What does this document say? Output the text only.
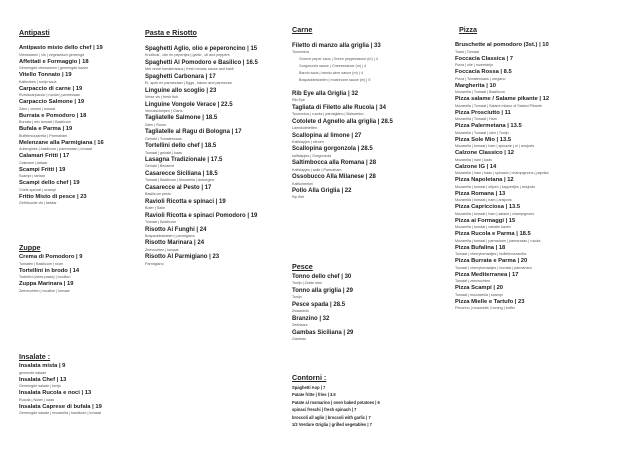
Antipasti
Antipasto misto dello chef | 19
Vleeswaren | vis | vegetarisch gemengd
Affettati e Formaggio | 18
Gemengde vleeswaren | gemengde kazen
Vitello Tonnato | 19
Kalfsvlees | tonijn saus
Carpaccio di carne | 19
Rundscarpaccio | rucola | parmezaan
Carpaccio Salmone | 19
Zalm | venkel | tomaat
Burrata e Pomodoro | 18
Burrata | mix tomaat | Basilicum
Bufala e Parma | 19
Buffelmozzarella | Parmaham
Melenzane alla Parmigiana | 16
Aubergines | basilicum | parmezaan | tomaat
Calamari Fritti | 17
Calamari | tartaar
Scampi Fritti | 19
Scampi | tartaar
Scampi dello chef | 19
Chefs special | scampi
Fritto Misto di pesce | 23
Gefrituurde vis | tartaar
Zuppe
Crema di Pomodoro | 9
Tomaten | Basilicum | room
Tortellini in brodo | 14
Tortellini (vlees pasta) | bouillon
Zuppa Marinara | 19
Zeevruchten | bouillon | tomaat
Insalate :
Insalata mista | 9
gemende salade
Insalata Chef | 13
Gemengde salade | tonijn
Insalata Rucola e noci | 13
Rucola | Noten | kaas
Insalata Caprese di bufala | 19
Gemengde salade | mozarella | basilicum | tomaat
Pasta e Risotto
Spaghetti Aglio, olio e peperoncino | 15
Knoflook , olie en pepertjes | garlic , oil and peppers
Spaghetti Al Pomodoro e Basilico | 16.5
Met verse tomatensaus | fresh tomato sauce and basil
Spaghetti Carbonara | 17
Ei, spek en parmezaan | Eggs , bacon and parmezan
Linguine allo scoglio | 23
Verse vis | fresh fish
Linguine Vongole Verace | 22.5
Venusschelpen | Clans
Tagliatelle Salmone | 18.5
Zalm | Room
Tagliatelle al Ragu di Bologna | 17
Gehakt | Tomatensaus
Tortellini dello chef | 18.5
Tomaat | gehakt | kaas
Lasagna Tradizionale | 17.5
Gehakt | Becamel
Casarecce Siciliana | 18.5
Tomaat | Basilicum | Mozarella | Aubergine
Casarecce al Pesto | 17
Basilicum pesto
Ravioli Ricotta e spinaci | 19
Boter | Salie
Ravioli Ricotta e spinaci Pomodoro | 19
Tomaat | Basilicum
Risotto Ai Funghi | 24
Bospaddestoelen | parmigiano
Risotto Marinara | 24
Zeevuchten | tomaat
Risotto Al Parmigiano | 23
Parmigiano
Carne
Filetto di manzo alla griglia | 33
Tournedos
Groene peper saus | Green peppersauce (m) | 4
Gorgonzola sauce | Cheesesauce (m) | 4
Barolo saus | barolo wine sauce (m) | 4
Bospaddestoelen | mushroom sauce (m) | 5
Rib Eye alla Griglia | 32
Rib Eye
Tagliata di Filetto alle Rucola | 34
Tournedos | rucola | parmigiano | Balsamico
Cotolete d Agnello alla griglia | 28.5
Lamskoteletten
Scallopina al limone | 27
Kalfslapjes | citroen
Scallopina gorgonzola | 28.5
kalfslapjes | Gorgonzola
Saltimbocca alla Romana | 28
Kalfslapjes | salie | Parmaham
Ossobucco Alla Milanese | 28
Kalfschenkel
Pollo Alla Griglia | 22
Kip filet
Pesce
Tonno dello chef | 30
Tonijn | Zoete uien
Tonno alla griglia | 29
Tonijn
Pesce spada | 28.5
Zwaardvis
Branzino | 32
Zeebaars
Gambas Siciliana | 29
Gambas
Contorni :
Spaghetti Aop | 7
Patate fritte | fries | 3.5
Patate al rosmarino | oven baked potatoes | 6
spinaci freschi | fresh spinach | 7
broccoli all aglio | broccoli with garlic | 7
1/2 Verdure Griglia | grilled vegetables | 7
Pizza
Bruschette al pomodoro (3st.) | 10
Toast | Tomaat
Foccacia Classica | 7
Pizza | olie | rozemarijn
Foccacia Rossa | 8.5
Pizza | Tomatensaus | oregano
Margherita | 10
Mozarella | Tomaat | Basilicum
Pizza salame / Salame pikante | 12
Mozarella | Tomaat | Salami milano of Salami Pikante
Pizza Prosciutto | 11
Mozarella | Tomaat | Ham
Pizza Palermetana | 13.5
Mozarella | Tomaat | uien | Tonijn
Pizza Sole Mio | 13.5
Mozarella | tomaat | ham | spinazie | ei | ansjovis
Calzone Classico | 12
Mozarella | ham | kaas
Calzone IG | 14
Mozarella | ham | kaas | spinazie | champignons | paprika
Pizza Napoletana | 12
Mozarella | tomaat | olijven | kappertjes | ansjovis
Pizza Romana | 13
Mozarella | tomaat | ham | ansjovis
Pizza Capricciosa | 13.5
Mozarella | tomaat | ham | salami | champignons
Pizza ai Formaggi | 15
Mozarella | tomaat | variatie kazen
Pizza Rucola e Parma | 18.5
Mozarella | tomaat | parmaham | parmezaan | rucola
Pizza Bufalina | 18
Tomaat | cherrytomaatjes | buffelmozzarella
Pizza Burrata e Parma | 20
Tomaat | cherrytomaatjes | burrata | parmaham
Pizza Mediterranea | 17
Tomaat | zeevruchten
Pizza Scampi | 20
Tomaat | mozzarella | scampi
Pizza Mielle e Tartufo | 23
Pecorino | mozarella | honing | truffel
